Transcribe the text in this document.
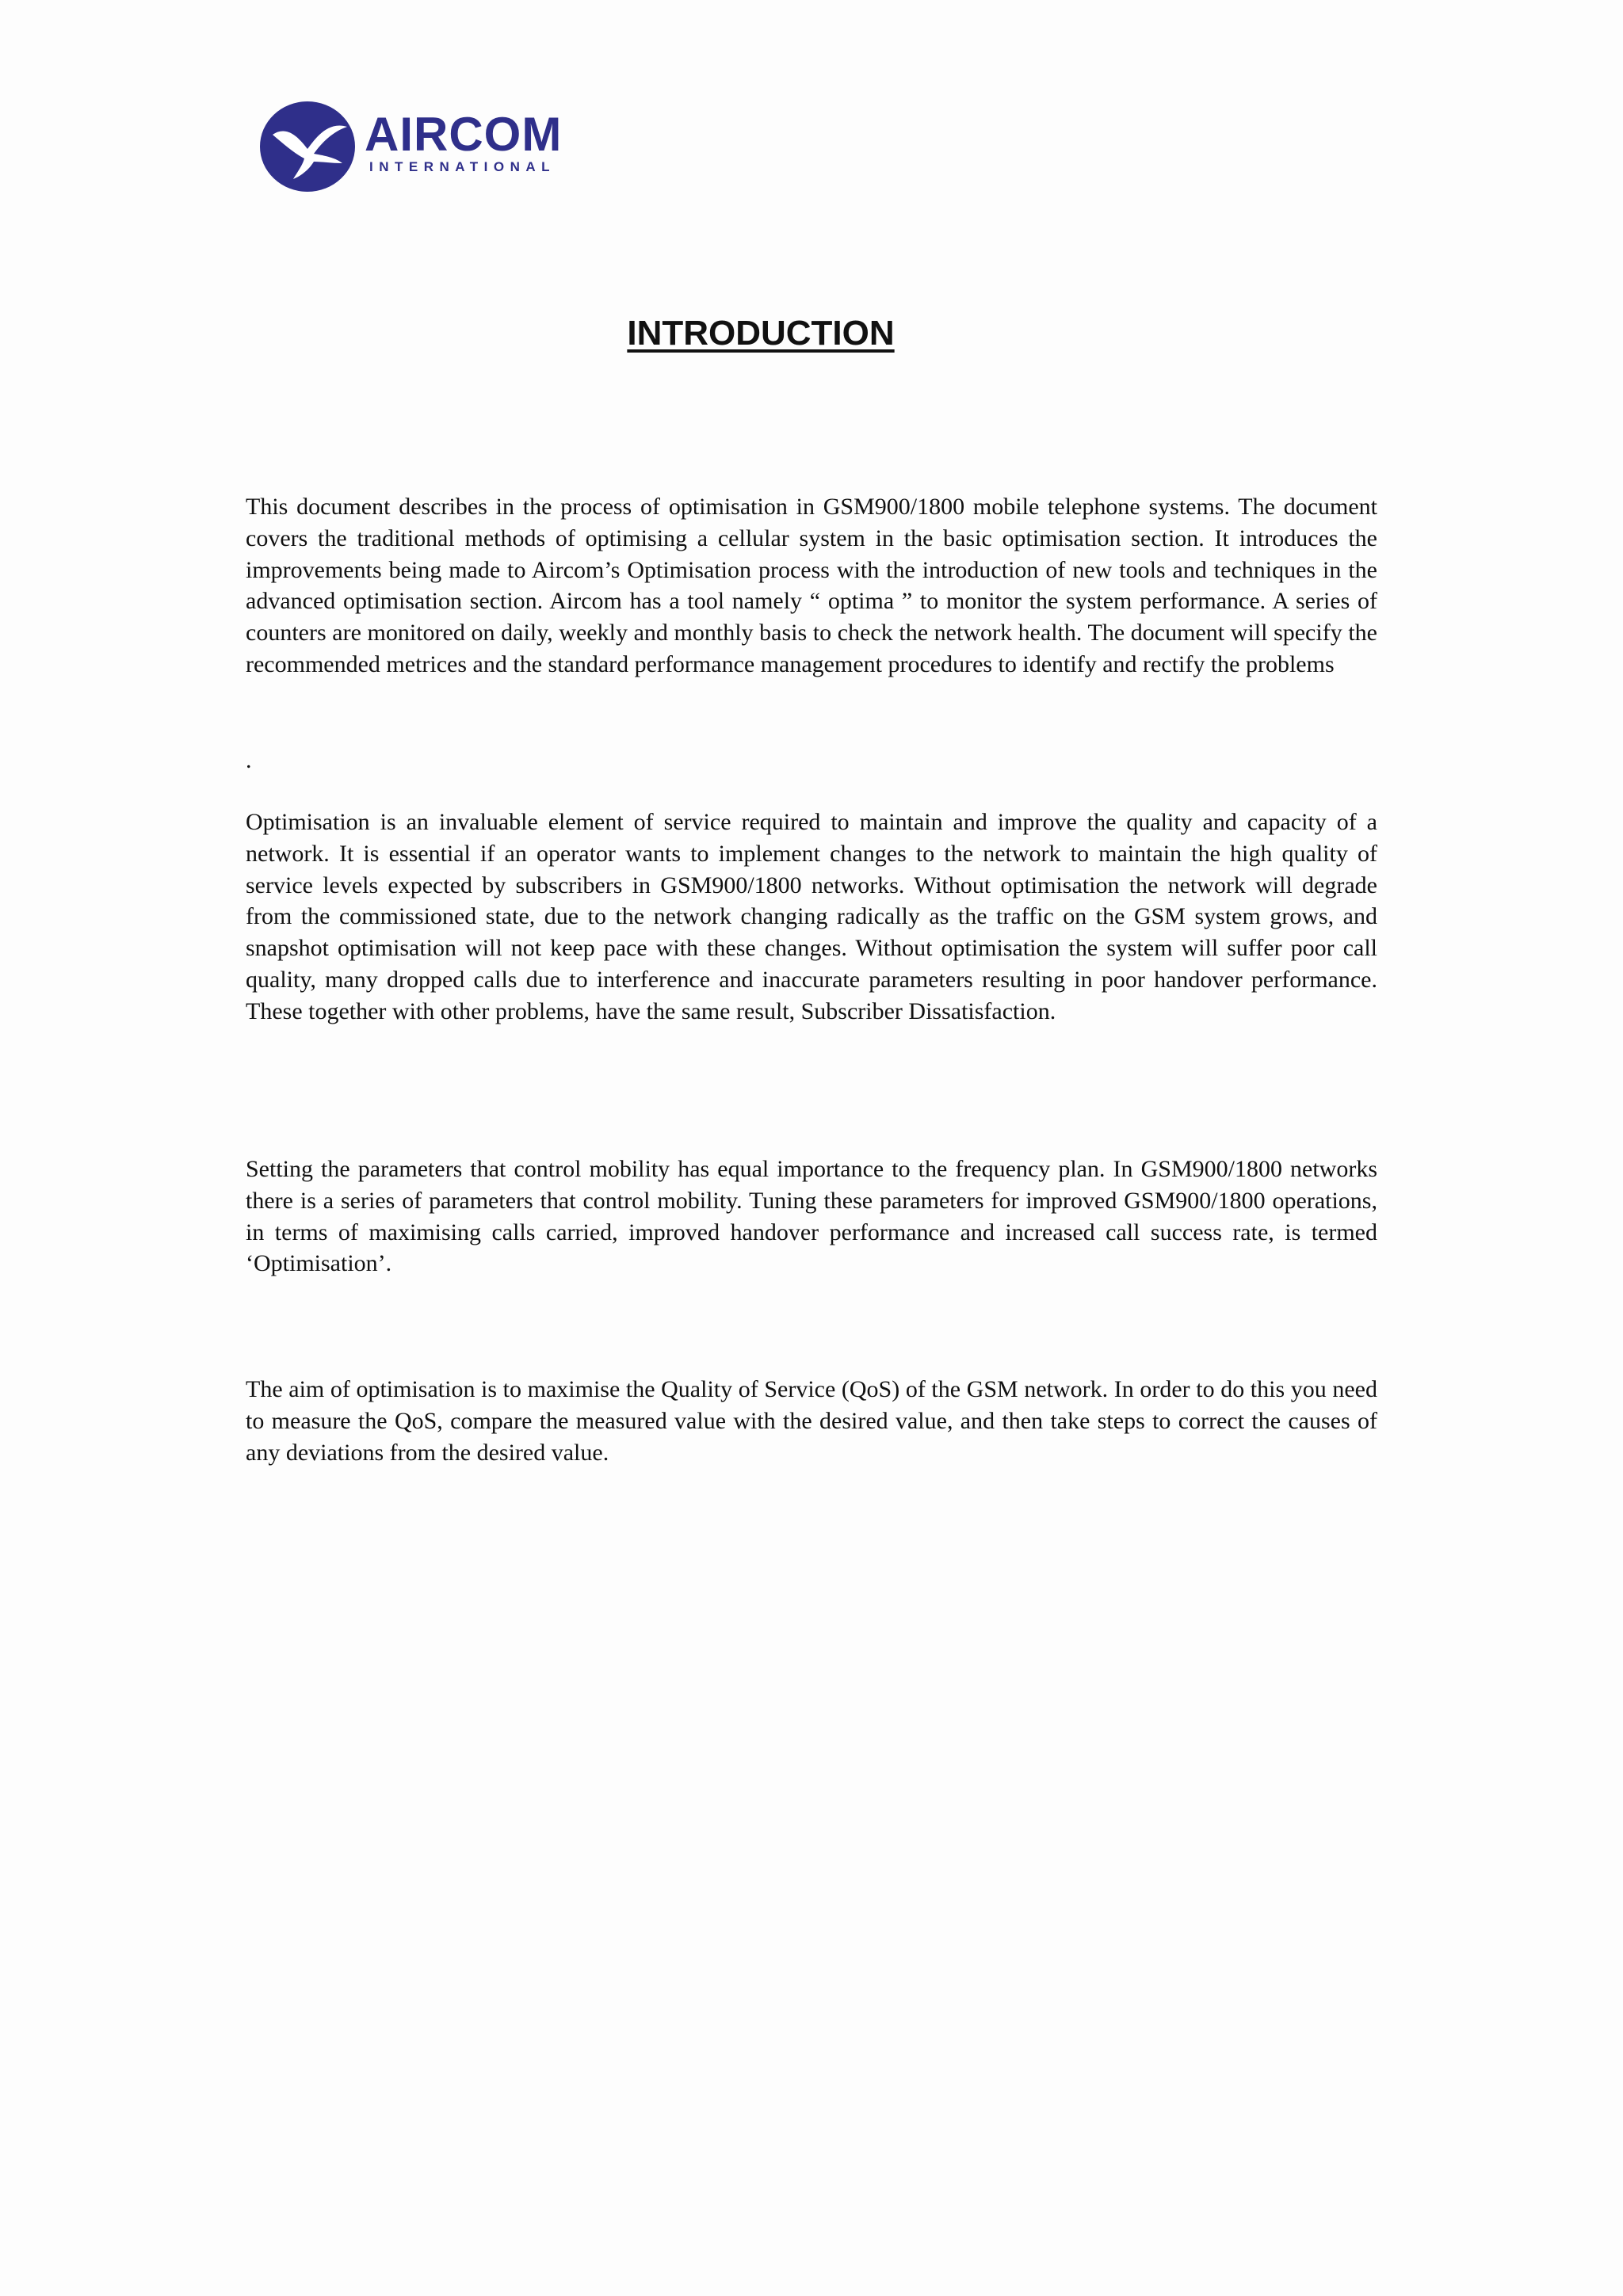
AIRCOM
INTERNATIONAL
INTRODUCTION

This document describes in the process of optimisation in GSM900/1800 mobile telephone systems. The document covers the traditional methods of optimising a cellular system in the basic optimisation section. It introduces the improvements being made to Aircom’s Optimisation process with the introduction of new tools and techniques in the advanced optimisation section. Aircom has a tool namely “ optima ” to monitor the system performance. A series of counters are monitored on daily, weekly and monthly basis to check the network health. The document will specify the recommended metrices and the standard performance management procedures to identify and rectify the problems

.

Optimisation is an invaluable element of service required to maintain and improve the quality and capacity of a network. It is essential if an operator wants to implement changes to the network to maintain the high quality of service levels expected by subscribers in GSM900/1800 networks. Without optimisation the network will degrade from the commissioned state, due to the network changing radically as the traffic on the GSM system grows, and snapshot optimisation will not keep pace with these changes. Without optimisation the system will suffer poor call quality, many dropped calls due to interference and inaccurate parameters resulting in poor handover performance. These together with other problems, have the same result, Subscriber Dissatisfaction.

Setting the parameters that control mobility has equal importance to the frequency plan. In GSM900/1800 networks there is a series of parameters that control mobility. Tuning these parameters for improved GSM900/1800 operations, in terms of maximising calls carried, improved handover performance and increased call success rate, is termed ‘Optimisation’.

The aim of optimisation is to maximise the Quality of Service (QoS) of the GSM network. In order to do this you need to measure the QoS, compare the measured value with the desired value, and then take steps to correct the causes of any deviations from the desired value.
